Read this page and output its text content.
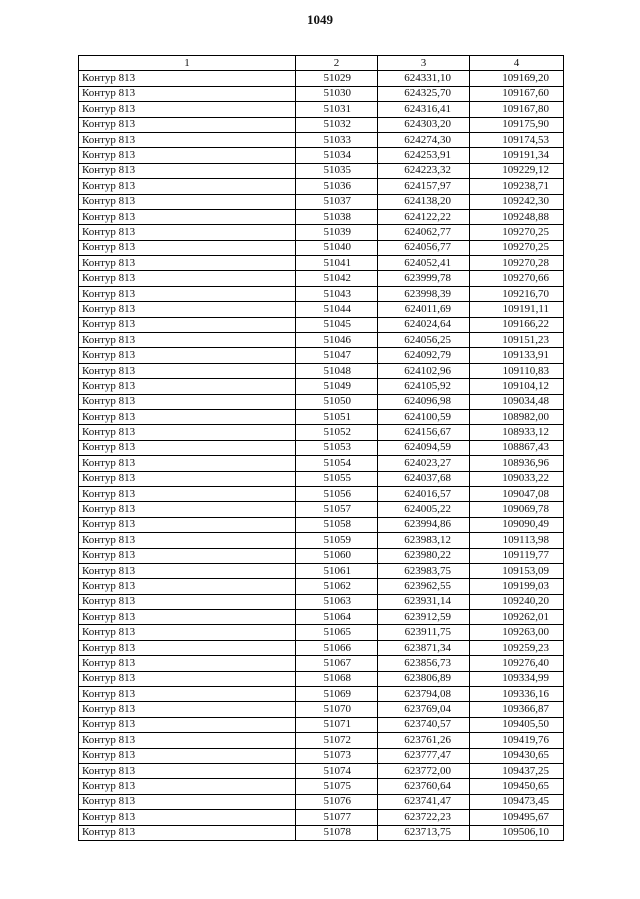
1049
1	2	3	4
Контур 813	51029	624331,10	109169,20
Контур 813	51030	624325,70	109167,60
Контур 813	51031	624316,41	109167,80
Контур 813	51032	624303,20	109175,90
Контур 813	51033	624274,30	109174,53
Контур 813	51034	624253,91	109191,34
Контур 813	51035	624223,32	109229,12
Контур 813	51036	624157,97	109238,71
Контур 813	51037	624138,20	109242,30
Контур 813	51038	624122,22	109248,88
Контур 813	51039	624062,77	109270,25
Контур 813	51040	624056,77	109270,25
Контур 813	51041	624052,41	109270,28
Контур 813	51042	623999,78	109270,66
Контур 813	51043	623998,39	109216,70
Контур 813	51044	624011,69	109191,11
Контур 813	51045	624024,64	109166,22
Контур 813	51046	624056,25	109151,23
Контур 813	51047	624092,79	109133,91
Контур 813	51048	624102,96	109110,83
Контур 813	51049	624105,92	109104,12
Контур 813	51050	624096,98	109034,48
Контур 813	51051	624100,59	108982,00
Контур 813	51052	624156,67	108933,12
Контур 813	51053	624094,59	108867,43
Контур 813	51054	624023,27	108936,96
Контур 813	51055	624037,68	109033,22
Контур 813	51056	624016,57	109047,08
Контур 813	51057	624005,22	109069,78
Контур 813	51058	623994,86	109090,49
Контур 813	51059	623983,12	109113,98
Контур 813	51060	623980,22	109119,77
Контур 813	51061	623983,75	109153,09
Контур 813	51062	623962,55	109199,03
Контур 813	51063	623931,14	109240,20
Контур 813	51064	623912,59	109262,01
Контур 813	51065	623911,75	109263,00
Контур 813	51066	623871,34	109259,23
Контур 813	51067	623856,73	109276,40
Контур 813	51068	623806,89	109334,99
Контур 813	51069	623794,08	109336,16
Контур 813	51070	623769,04	109366,87
Контур 813	51071	623740,57	109405,50
Контур 813	51072	623761,26	109419,76
Контур 813	51073	623777,47	109430,65
Контур 813	51074	623772,00	109437,25
Контур 813	51075	623760,64	109450,65
Контур 813	51076	623741,47	109473,45
Контур 813	51077	623722,23	109495,67
Контур 813	51078	623713,75	109506,10
